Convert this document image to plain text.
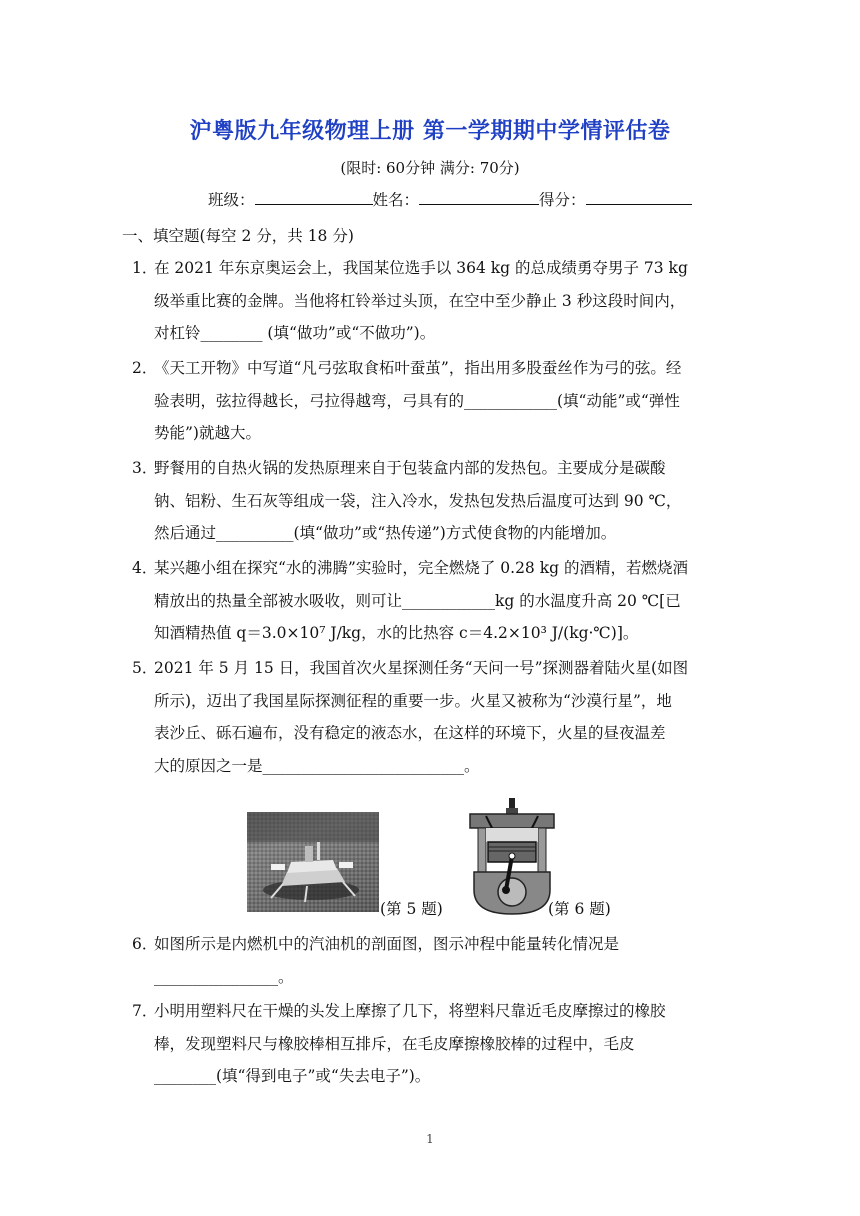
沪粤版九年级物理上册 第一学期期中学情评估卷
(限时: 60分钟 满分: 70分)
班级：	姓名：	得分：
一、填空题(每空 2 分，共 18 分)
1．
在 2021 年东京奥运会上，我国某位选手以 364 kg 的总成绩勇夺男子 73 kg
级举重比赛的金牌。当他将杠铃举过头顶，在空中至少静止 3 秒这段时间内，
对杠铃________ (填“做功”或“不做功”)。
2．
《天工开物》中写道“凡弓弦取食柘叶蚕茧”，指出用多股蚕丝作为弓的弦。经
验表明，弦拉得越长，弓拉得越弯，弓具有的____________(填“动能”或“弹性
势能”)就越大。
3．
野餐用的自热火锅的发热原理来自于包装盒内部的发热包。主要成分是碳酸
钠、铝粉、生石灰等组成一袋，注入冷水，发热包发热后温度可达到 90 ℃，
然后通过__________(填“做功”或“热传递”)方式使食物的内能增加。
4．
某兴趣小组在探究“水的沸腾”实验时，完全燃烧了 0.28 kg 的酒精，若燃烧酒
精放出的热量全部被水吸收，则可让____________kg 的水温度升高 20 ℃[已
知酒精热值 q＝3.0×10⁷ J/kg，水的比热容 c＝4.2×10³ J/(kg·℃)]。
5．
2021 年 5 月 15 日，我国首次火星探测任务“天问一号”探测器着陆火星(如图
所示)，迈出了我国星际探测征程的重要一步。火星又被称为“沙漠行星”，地
表沙丘、砾石遍布，没有稳定的液态水，在这样的环境下，火星的昼夜温差
大的原因之一是__________________________。
(第 5 题)	(第 6 题)
6．
如图所示是内燃机中的汽油机的剖面图，图示冲程中能量转化情况是
________________。
7．
小明用塑料尺在干燥的头发上摩擦了几下，将塑料尺靠近毛皮摩擦过的橡胶
棒，发现塑料尺与橡胶棒相互排斥，在毛皮摩擦橡胶棒的过程中，毛皮
________(填“得到电子”或“失去电子”)。
1
